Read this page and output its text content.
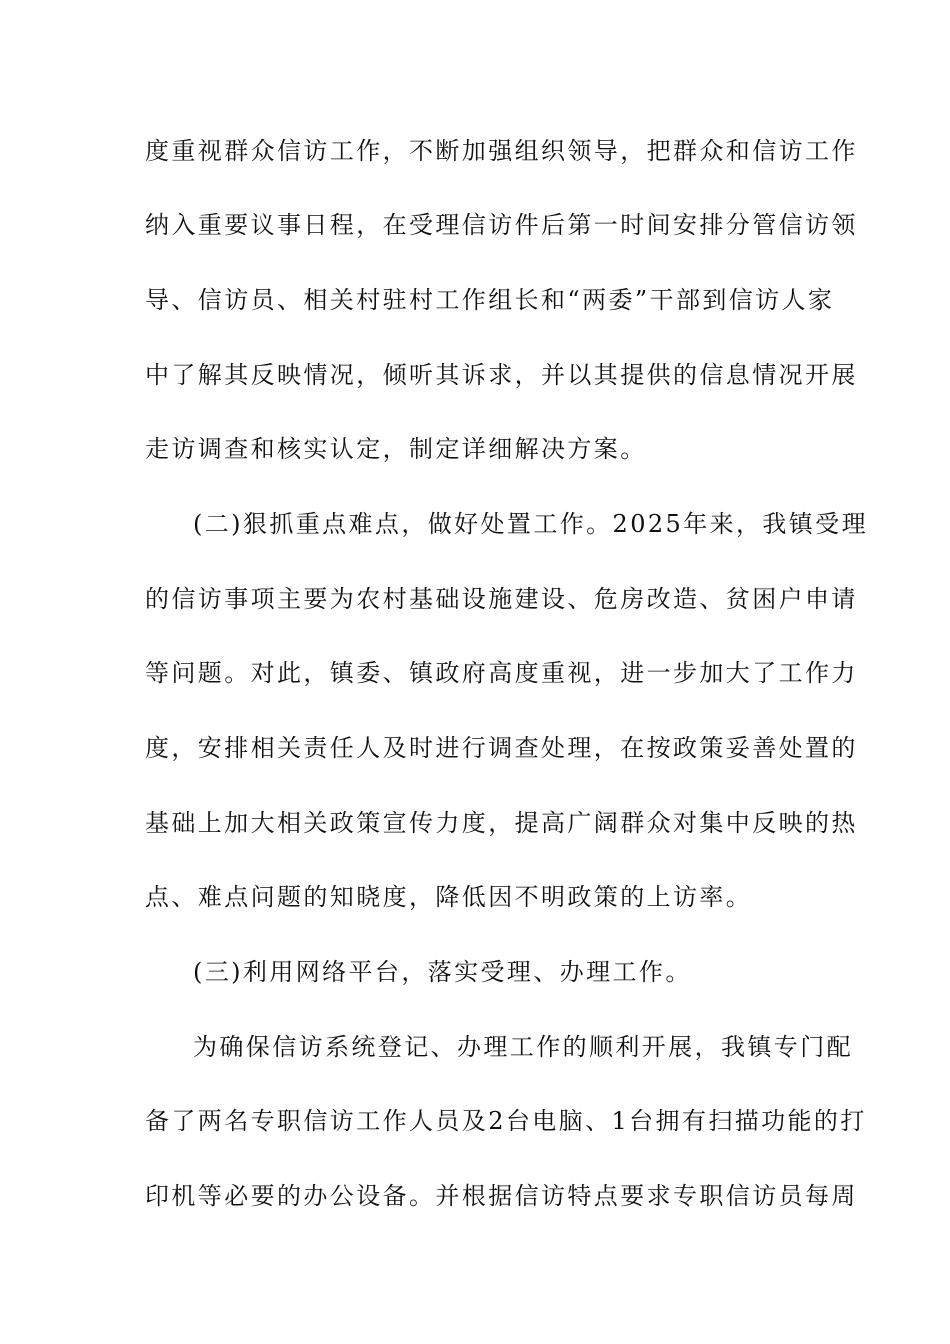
度重视群众信访工作，不断加强组织领导，把群众和信访工作
纳入重要议事日程，在受理信访件后第一时间安排分管信访领
导、信访员、相关村驻村工作组长和“两委”干部到信访人家
中了解其反映情况，倾听其诉求，并以其提供的信息情况开展
走访调查和核实认定，制定详细解决方案。
(二)狠抓重点难点，做好处置工作。2025年来，我镇受理
的信访事项主要为农村基础设施建设、危房改造、贫困户申请
等问题。对此，镇委、镇政府高度重视，进一步加大了工作力
度，安排相关责任人及时进行调查处理，在按政策妥善处置的
基础上加大相关政策宣传力度，提高广阔群众对集中反映的热
点、难点问题的知晓度，降低因不明政策的上访率。
(三)利用网络平台，落实受理、办理工作。
为确保信访系统登记、办理工作的顺利开展，我镇专门配
备了两名专职信访工作人员及2台电脑、1台拥有扫描功能的打
印机等必要的办公设备。并根据信访特点要求专职信访员每周
